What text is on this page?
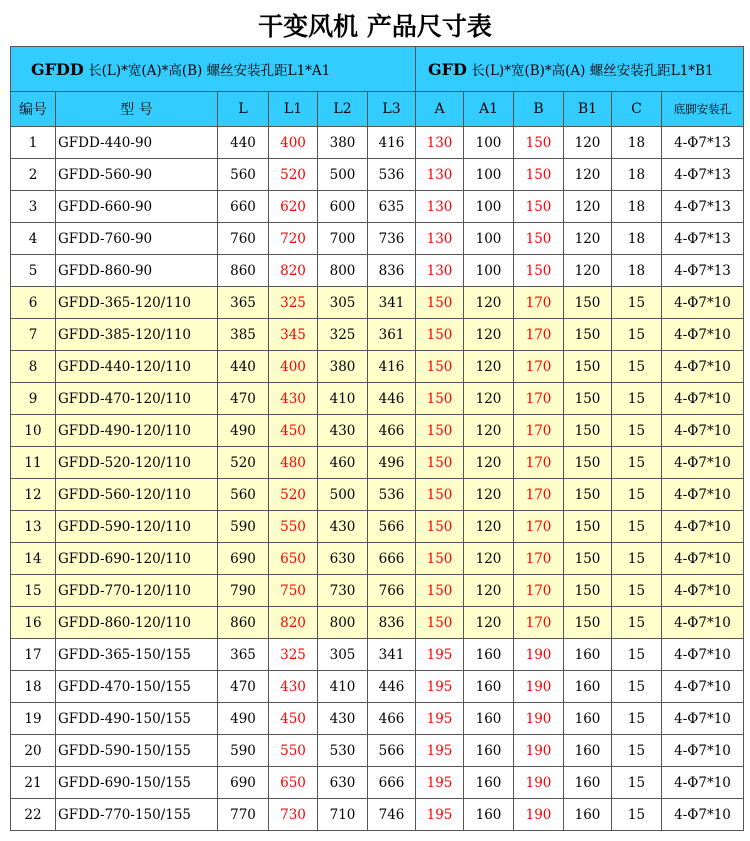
干变风机 产品尺寸表
GFDD 长(L)*宽(A)*高(B) 螺丝安装孔距L1*A1						GFD 长(L)*宽(B)*高(A) 螺丝安装孔距L1*B1					
编号	型 号	L	L1	L2	L3	A	A1	B	B1	C	底脚安装孔
1	GFDD-440-90	440	400	380	416	130	100	150	120	18	4-Φ7*13
2	GFDD-560-90	560	520	500	536	130	100	150	120	18	4-Φ7*13
3	GFDD-660-90	660	620	600	635	130	100	150	120	18	4-Φ7*13
4	GFDD-760-90	760	720	700	736	130	100	150	120	18	4-Φ7*13
5	GFDD-860-90	860	820	800	836	130	100	150	120	18	4-Φ7*13
6	GFDD-365-120/110	365	325	305	341	150	120	170	150	15	4-Φ7*10
7	GFDD-385-120/110	385	345	325	361	150	120	170	150	15	4-Φ7*10
8	GFDD-440-120/110	440	400	380	416	150	120	170	150	15	4-Φ7*10
9	GFDD-470-120/110	470	430	410	446	150	120	170	150	15	4-Φ7*10
10	GFDD-490-120/110	490	450	430	466	150	120	170	150	15	4-Φ7*10
11	GFDD-520-120/110	520	480	460	496	150	120	170	150	15	4-Φ7*10
12	GFDD-560-120/110	560	520	500	536	150	120	170	150	15	4-Φ7*10
13	GFDD-590-120/110	590	550	430	566	150	120	170	150	15	4-Φ7*10
14	GFDD-690-120/110	690	650	630	666	150	120	170	150	15	4-Φ7*10
15	GFDD-770-120/110	790	750	730	766	150	120	170	150	15	4-Φ7*10
16	GFDD-860-120/110	860	820	800	836	150	120	170	150	15	4-Φ7*10
17	GFDD-365-150/155	365	325	305	341	195	160	190	160	15	4-Φ7*10
18	GFDD-470-150/155	470	430	410	446	195	160	190	160	15	4-Φ7*10
19	GFDD-490-150/155	490	450	430	466	195	160	190	160	15	4-Φ7*10
20	GFDD-590-150/155	590	550	530	566	195	160	190	160	15	4-Φ7*10
21	GFDD-690-150/155	690	650	630	666	195	160	190	160	15	4-Φ7*10
22	GFDD-770-150/155	770	730	710	746	195	160	190	160	15	4-Φ7*10
